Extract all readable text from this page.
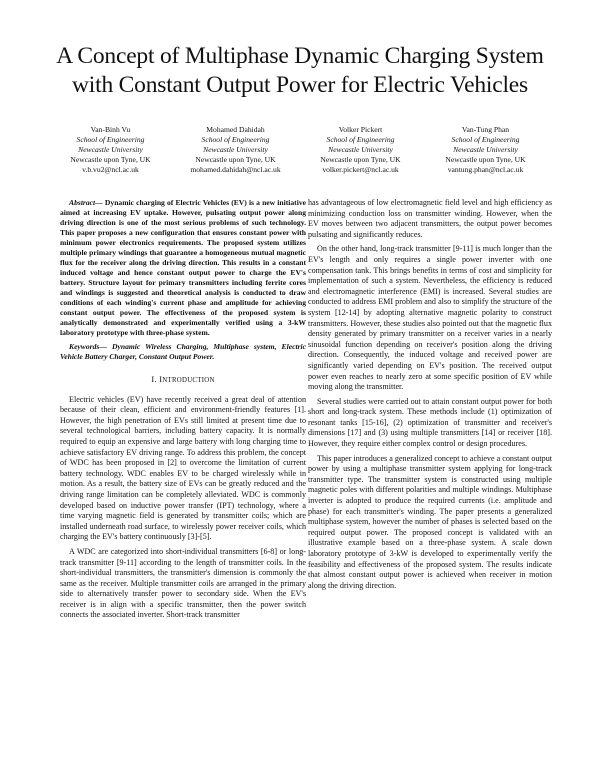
A Concept of Multiphase Dynamic Charging System
with Constant Output Power for Electric Vehicles
Van-Binh Vu
School of Engineering
Newcastle University
Newcastle upon Tyne, UK
v.b.vu2@ncl.ac.uk
Mohamed Dahidah
School of Engineering
Newcastle University
Newcastle upon Tyne, UK
mohamed.dahidah@ncl.ac.uk
Volker Pickert
School of Engineering
Newcastle University
Newcastle upon Tyne, UK
volker.pickert@ncl.ac.uk
Van-Tung Phan
School of Engineering
Newcastle University
Newcastle upon Tyne, UK
vantung.phan@ncl.ac.uk

Abstract— Dynamic charging of Electric Vehicles (EV) is a new initiative aimed at increasing EV uptake. However, pulsating output power along driving direction is one of the most serious problems of such technology. This paper proposes a new configuration that ensures constant power with minimum power electronics requirements. The proposed system utilizes multiple primary windings that guarantee a homogeneous mutual magnetic flux for the receiver along the driving direction. This results in a constant induced voltage and hence constant output power to charge the EV's battery. Structure layout for primary transmitters including ferrite cores and windings is suggested and theoretical analysis is conducted to draw conditions of each winding's current phase and amplitude for achieving constant output power. The effectiveness of the proposed system is analytically demonstrated and experimentally verified using a 3-kW laboratory prototype with three-phase system.

Keywords— Dynamic Wireless Charging, Multiphase system, Electric Vehicle Battery Charger, Constant Output Power.

I. INTRODUCTION

Electric vehicles (EV) have recently received a great deal of attention because of their clean, efficient and environment-friendly features [1]. However, the high penetration of EVs still limited at present time due to several technological barriers, including battery capacity. It is normally required to equip an expensive and large battery with long charging time to achieve satisfactory EV driving range. To address this problem, the concept of WDC has been proposed in [2] to overcome the limitation of current battery technology. WDC enables EV to be charged wirelessly while in motion. As a result, the battery size of EVs can be greatly reduced and the driving range limitation can be completely alleviated. WDC is commonly developed based on inductive power transfer (IPT) technology, where a time varying magnetic field is generated by transmitter coils; which are installed underneath road surface, to wirelessly power receiver coils, which charging the EV's battery continuously [3]-[5].

A WDC are categorized into short-individual transmitters [6-8] or long-track transmitter [9-11] according to the length of transmitter coils. In the short-individual transmitters, the transmitter's dimension is commonly the same as the receiver. Multiple transmitter coils are arranged in the primary side to alternatively transfer power to secondary side. When the EV's receiver is in align with a specific transmitter, then the power switch connects the associated inverter. Short-track transmitter

has advantageous of low electromagnetic field level and high efficiency as minimizing conduction loss on transmitter winding. However, when the EV moves between two adjacent transmitters, the output power becomes pulsating and significantly reduces.

On the other hand, long-track transmitter [9-11] is much longer than the EV's length and only requires a single power inverter with one compensation tank. This brings benefits in terms of cost and simplicity for implementation of such a system. Nevertheless, the efficiency is reduced and electromagnetic interference (EMI) is increased. Several studies are conducted to address EMI problem and also to simplify the structure of the system [12-14] by adopting alternative magnetic polarity to construct transmitters. However, these studies also pointed out that the magnetic flux density generated by primary transmitter on a receiver varies in a nearly sinusoidal function depending on receiver's position along the driving direction. Consequently, the induced voltage and received power are significantly varied depending on EV's position. The received output power even reaches to nearly zero at some specific position of EV while moving along the transmitter.

Several studies were carried out to attain constant output power for both short and long-track system. These methods include (1) optimization of resonant tanks [15-16], (2) optimization of transmitter and receiver's dimensions [17] and (3) using multiple transmitters [14] or receiver [18]. However, they require either complex control or design procedures.

This paper introduces a generalized concept to achieve a constant output power by using a multiphase transmitter system applying for long-track transmitter type. The transmitter system is constructed using multiple magnetic poles with different polarities and multiple windings. Multiphase inverter is adopted to produce the required currents (i.e. amplitude and phase) for each transmitter's winding. The paper presents a generalized multiphase system, however the number of phases is selected based on the required output power. The proposed concept is validated with an illustrative example based on a three-phase system. A scale down laboratory prototype of 3-kW is developed to experimentally verify the feasibility and effectiveness of the proposed system. The results indicate that almost constant output power is achieved when receiver in motion along the driving direction.
